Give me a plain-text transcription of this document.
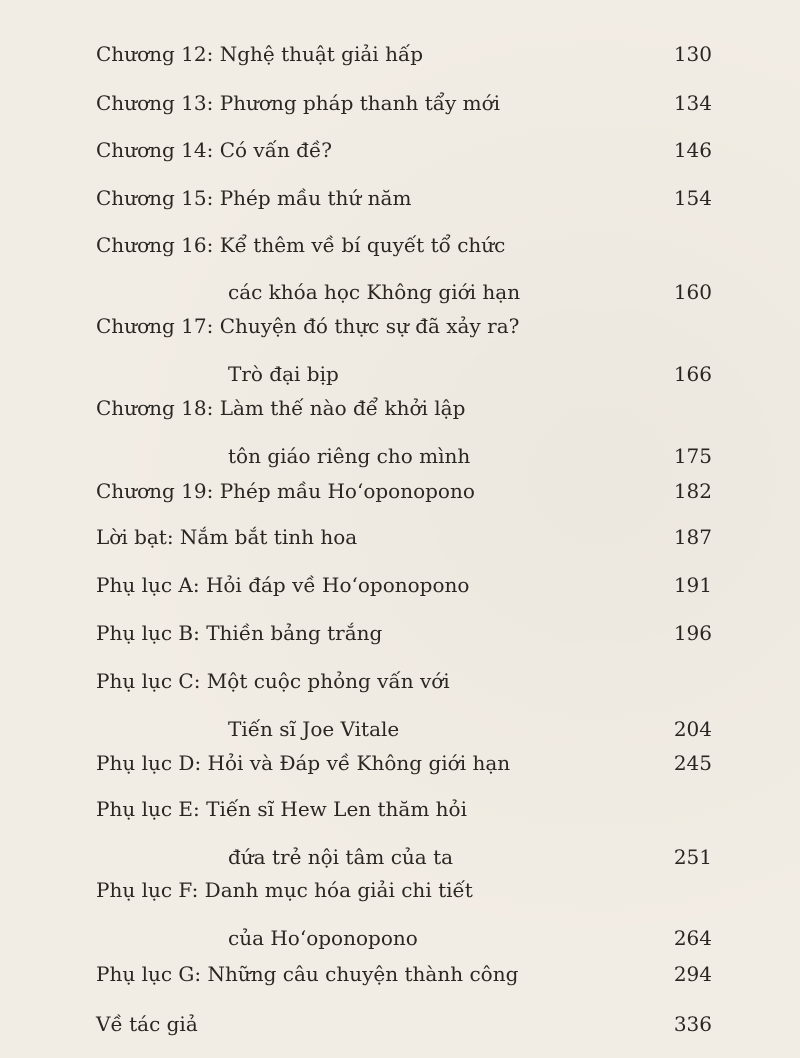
Chương 12: Nghệ thuật giải hấp	130
Chương 13: Phương pháp thanh tẩy mới	134
Chương 14: Có vấn đề?	146
Chương 15: Phép mầu thứ năm	154
Chương 16: Kể thêm về bí quyết tổ chức
các khóa học Không giới hạn	160
Chương 17: Chuyện đó thực sự đã xảy ra?
Trò đại bịp	166
Chương 18: Làm thế nào để khởi lập
tôn giáo riêng cho mình	175
Chương 19: Phép mầu Hoʻoponopono	182
Lời bạt: Nắm bắt tinh hoa	187
Phụ lục A: Hỏi đáp về Hoʻoponopono	191
Phụ lục B: Thiền bảng trắng	196
Phụ lục C: Một cuộc phỏng vấn với
Tiến sĩ Joe Vitale	204
Phụ lục D: Hỏi và Đáp về Không giới hạn	245
Phụ lục E: Tiến sĩ Hew Len thăm hỏi
đứa trẻ nội tâm của ta	251
Phụ lục F: Danh mục hóa giải chi tiết
của Hoʻoponopono	264
Phụ lục G: Những câu chuyện thành công	294
Về tác giả	336
